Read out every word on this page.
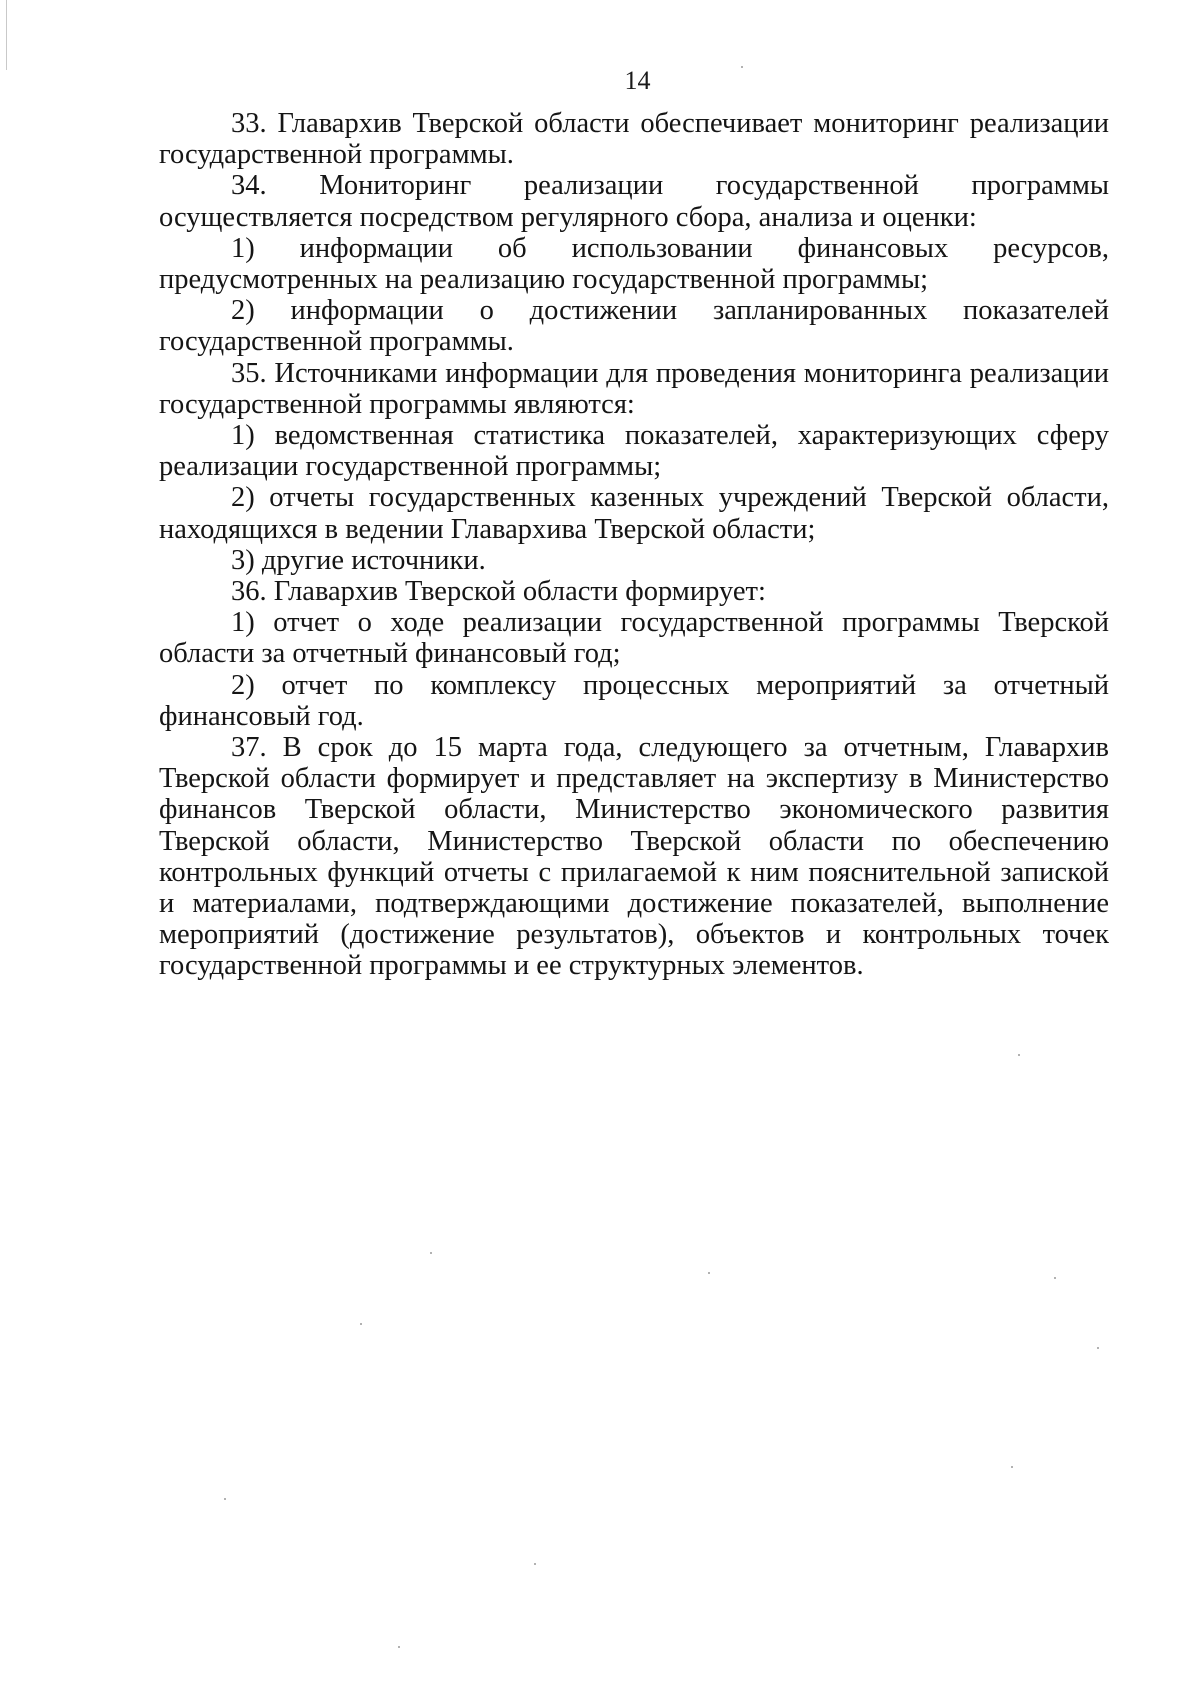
14

33. Главархив Тверской области обеспечивает мониторинг реализации государственной программы.

34. Мониторинг реализации государственной программы осуществляется посредством регулярного сбора, анализа и оценки:

1) информации об использовании финансовых ресурсов, предусмотренных на реализацию государственной программы;

2) информации о достижении запланированных показателей государственной программы.

35. Источниками информации для проведения мониторинга реализации государственной программы являются:

1) ведомственная статистика показателей, характеризующих сферу реализации государственной программы;

2) отчеты государственных казенных учреждений Тверской области, находящихся в ведении Главархива Тверской области;

3) другие источники.

36. Главархив Тверской области формирует:

1) отчет о ходе реализации государственной программы Тверской области за отчетный финансовый год;

2) отчет по комплексу процессных мероприятий за отчетный финансовый год.

37. В срок до 15 марта года, следующего за отчетным, Главархив Тверской области формирует и представляет на экспертизу в Министерство финансов Тверской области, Министерство экономического развития Тверской области, Министерство Тверской области по обеспечению контрольных функций отчеты с прилагаемой к ним пояснительной запиской и материалами, подтверждающими достижение показателей, выполнение мероприятий (достижение результатов), объектов и контрольных точек государственной программы и ее структурных элементов.
